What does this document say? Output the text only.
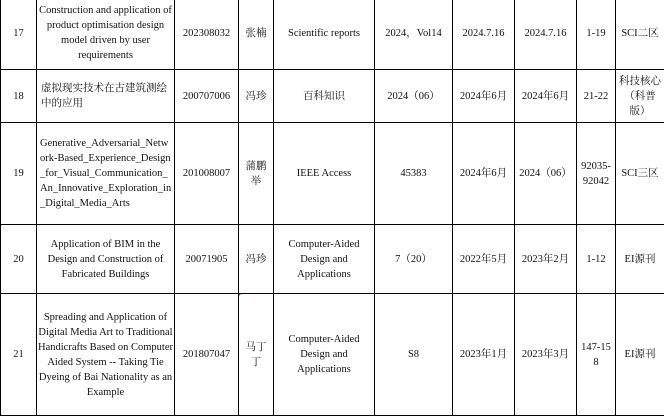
17	Construction and application of product optimisation design model driven by user requirements	202308032	张楠	Scientific reports	2024，Vol14	2024.7.16	2024.7.16	1-19	SCI二区
18	虚拟现实技术在古建筑测绘中的应用	200707006	冯珍	百科知识	2024（06）	2024年6月	2024年6月	21-22	科技核心（科普版）
19	Generative_Adversarial_Network-Based_Experience_Design_for_Visual_Communication_An_Innovative_Exploration_in_Digital_Media_Arts	201008007	蒲鹏举	IEEE Access	45383	2024年6月	2024（06）	92035-92042	SCI三区
20	Application of BIM in the Design and Construction of Fabricated Buildings	20071905	冯珍	Computer-Aided Design and Applications	7（20）	2022年5月	2023年2月	1-12	EI源刊
21	Spreading and Application of Digital Media Art to Traditional Handicrafts Based on Computer Aided System -- Taking Tie Dyeing of Bai Nationality as an Example	201807047	马丁丁	Computer-Aided Design and Applications	S8	2023年1月	2023年3月	147-158	EI源刊
